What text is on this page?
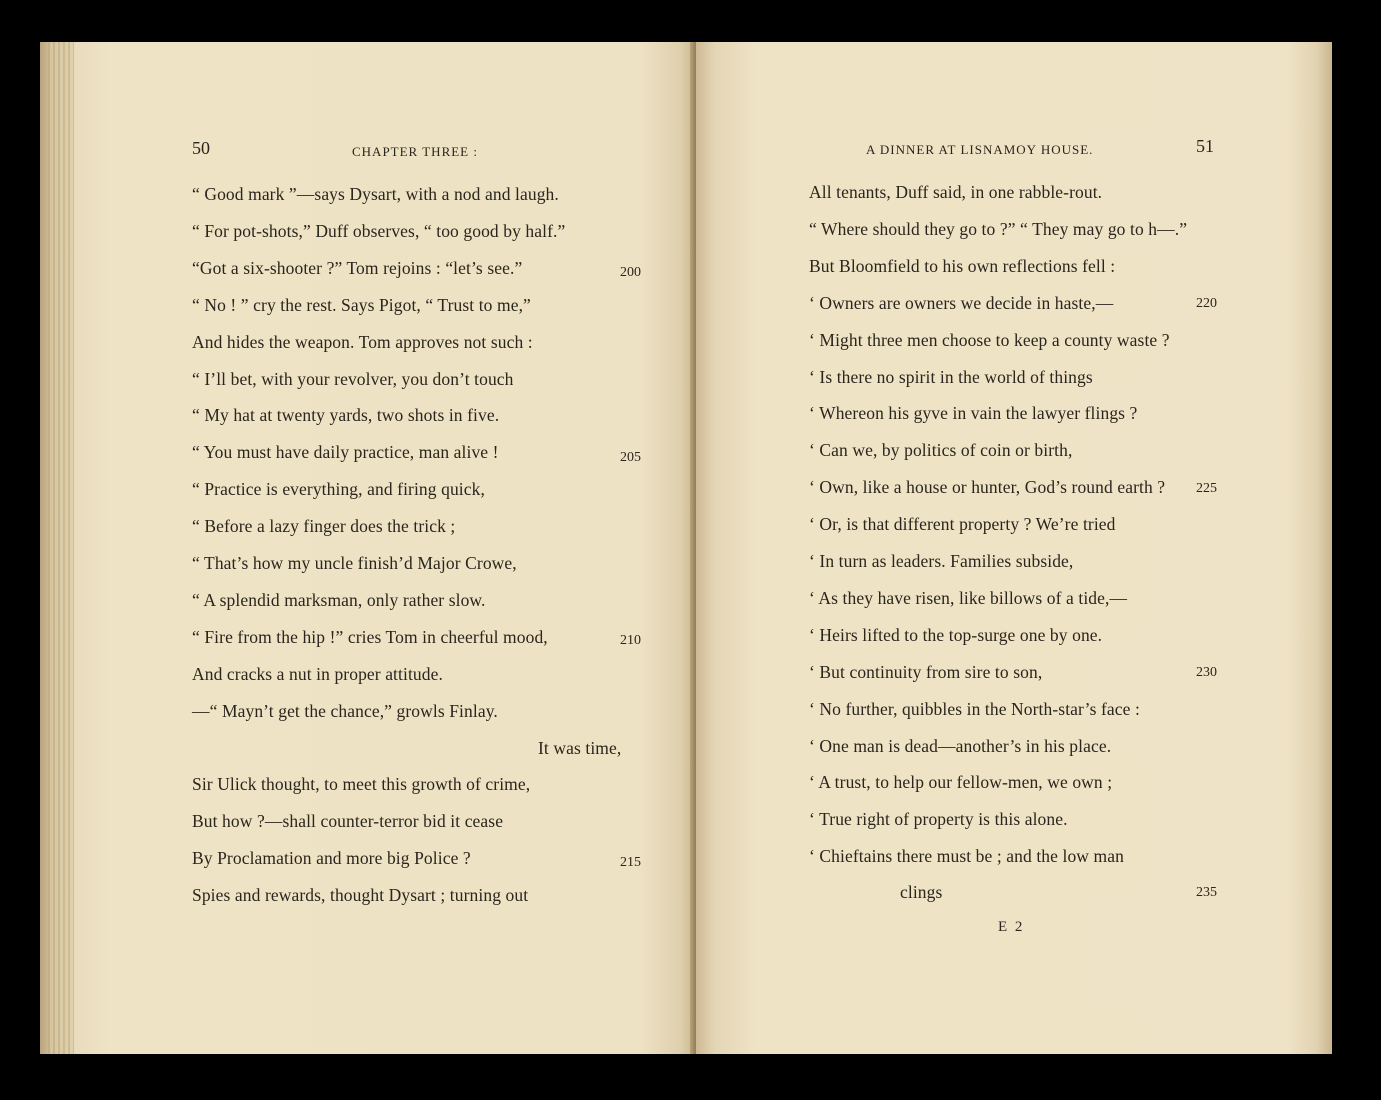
50	CHAPTER THREE :
200
205
210
215
“ Good mark ”—says Dysart, with a nod and laugh.
“ For pot-shots,” Duff observes, “ too good by half.”
“Got a six-shooter ?” Tom rejoins : “let’s see.”
“ No ! ” cry the rest. Says Pigot, “ Trust to me,”
And hides the weapon. Tom approves not such :
“ I’ll bet, with your revolver, you don’t touch
“ My hat at twenty yards, two shots in five.
“ You must have daily practice, man alive !
“ Practice is everything, and firing quick,
“ Before a lazy finger does the trick ;
“ That’s how my uncle finish’d Major Crowe,
“ A splendid marksman, only rather slow.
“ Fire from the hip !” cries Tom in cheerful mood,
And cracks a nut in proper attitude.
—“ Mayn’t get the chance,” growls Finlay.
It was time,
Sir Ulick thought, to meet this growth of crime,
But how ?—shall counter-terror bid it cease
By Proclamation and more big Police ?
Spies and rewards, thought Dysart ; turning out
A DINNER AT LISNAMOY HOUSE.	51
220
225
230
235
E 2
All tenants, Duff said, in one rabble-rout.
“ Where should they go to ?” “ They may go to h—.”
But Bloomfield to his own reflections fell :
‘ Owners are owners we decide in haste,—
‘ Might three men choose to keep a county waste ?
‘ Is there no spirit in the world of things
‘ Whereon his gyve in vain the lawyer flings ?
‘ Can we, by politics of coin or birth,
‘ Own, like a house or hunter, God’s round earth ?
‘ Or, is that different property ? We’re tried
‘ In turn as leaders. Families subside,
‘ As they have risen, like billows of a tide,—
‘ Heirs lifted to the top-surge one by one.
‘ But continuity from sire to son,
‘ No further, quibbles in the North-star’s face :
‘ One man is dead—another’s in his place.
‘ A trust, to help our fellow-men, we own ;
‘ True right of property is this alone.
‘ Chieftains there must be ; and the low man
clings
